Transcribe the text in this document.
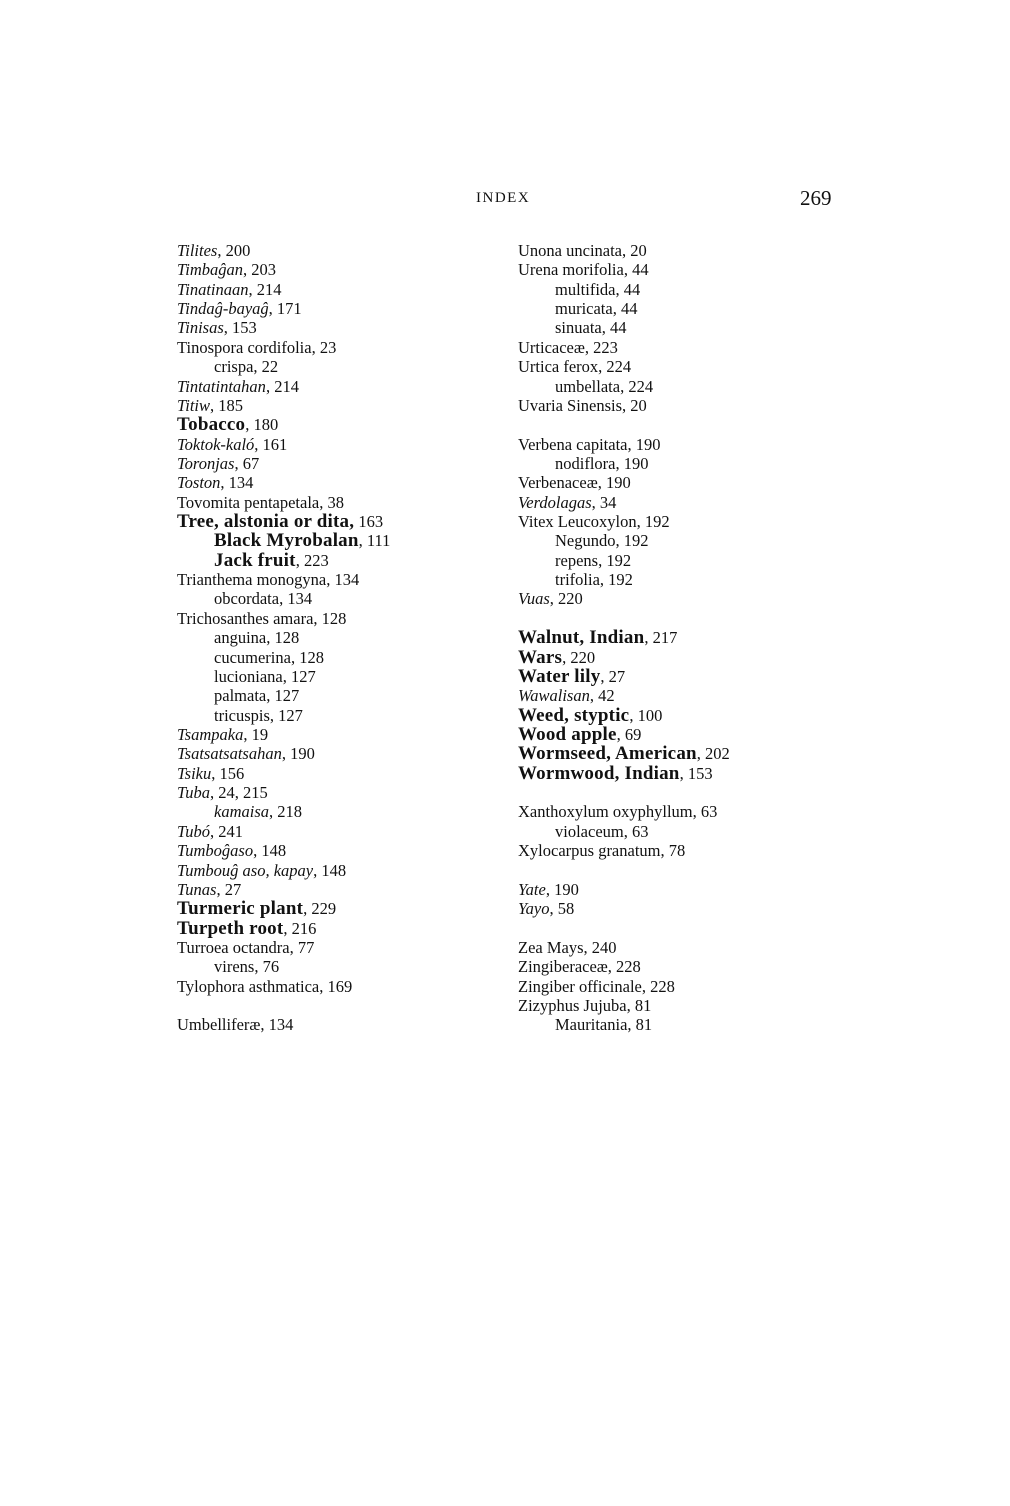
INDEX	269
Tilites, 200
Timbaĝan, 203
Tinatinaan, 214
Tindaĝ-bayaĝ, 171
Tinisas, 153
Tinospora cordifolia, 23
crispa, 22
Tintatintahan, 214
Titiw, 185
Tobacco, 180
Toktok-kaló, 161
Toronjas, 67
Toston, 134
Tovomita pentapetala, 38
Tree, alstonia or dita, 163
Black Myrobalan, 111
Jack fruit, 223
Trianthema monogyna, 134
obcordata, 134
Trichosanthes amara, 128
anguina, 128
cucumerina, 128
lucioniana, 127
palmata, 127
tricuspis, 127
Tsampaka, 19
Tsatsatsatsahan, 190
Tsiku, 156
Tuba, 24, 215
kamaisa, 218
Tubó, 241
Tumboĝaso, 148
Tumbouĝ aso, kapay, 148
Tunas, 27
Turmeric plant, 229
Turpeth root, 216
Turroea octandra, 77
virens, 76
Tylophora asthmatica, 169
Umbelliferæ, 134
Unona uncinata, 20
Urena morifolia, 44
multifida, 44
muricata, 44
sinuata, 44
Urticaceæ, 223
Urtica ferox, 224
umbellata, 224
Uvaria Sinensis, 20
Verbena capitata, 190
nodiflora, 190
Verbenaceæ, 190
Verdolagas, 34
Vitex Leucoxylon, 192
Negundo, 192
repens, 192
trifolia, 192
Vuas, 220
Walnut, Indian, 217
Wars, 220
Water lily, 27
Wawalisan, 42
Weed, styptic, 100
Wood apple, 69
Wormseed, American, 202
Wormwood, Indian, 153
Xanthoxylum oxyphyllum, 63
violaceum, 63
Xylocarpus granatum, 78
Yate, 190
Yayo, 58
Zea Mays, 240
Zingiberaceæ, 228
Zingiber officinale, 228
Zizyphus Jujuba, 81
Mauritania, 81
